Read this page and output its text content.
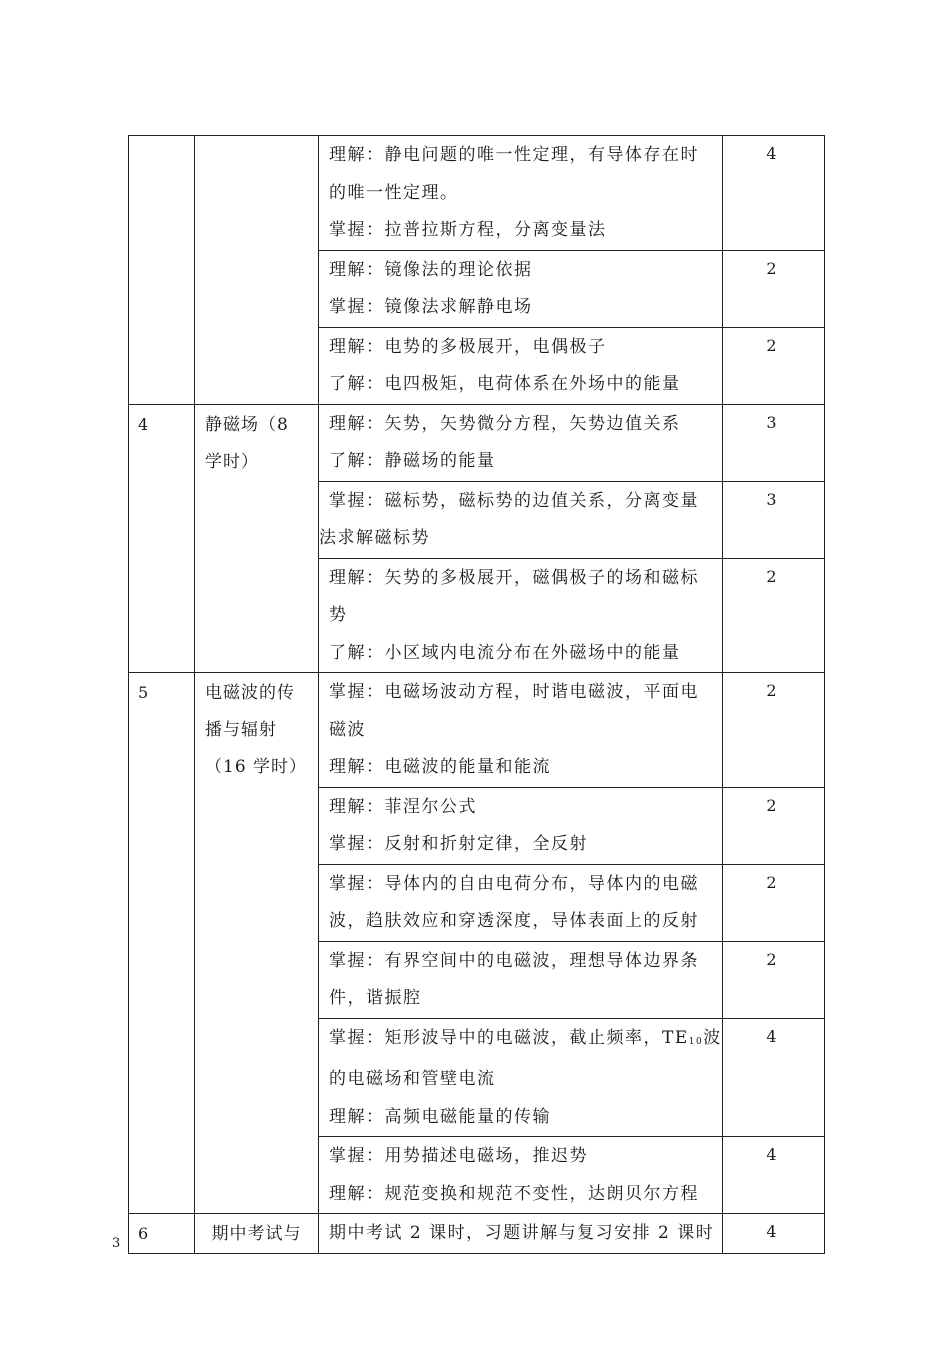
		理解：静电问题的唯一性定理，有导体存在时
的唯一性定理。
掌握：拉普拉斯方程，分离变量法	4

		理解：镜像法的理论依据
掌握：镜像法求解静电场	2

		理解：电势的多极展开，电偶极子
了解：电四极矩，电荷体系在外场中的能量	2
4	静磁场（8 学时）	理解：矢势，矢势微分方程，矢势边值关系
了解：静磁场的能量	3

		掌握：磁标势，磁标势的边值关系，分离变量
法求解磁标势	3

		理解：矢势的多极展开，磁偶极子的场和磁标
势
了解：小区域内电流分布在外磁场中的能量	2
5	电磁波的传播与辐射（16 学时）	掌握：电磁场波动方程，时谐电磁波，平面电
磁波
理解：电磁波的能量和能流	2

		理解：菲涅尔公式
掌握：反射和折射定律，全反射	2

		掌握：导体内的自由电荷分布，导体内的电磁
波，趋肤效应和穿透深度，导体表面上的反射	2

		掌握：有界空间中的电磁波，理想导体边界条
件，谐振腔	2

		掌握：矩形波导中的电磁波，截止频率，$TE_{10}$波
的电磁场和管壁电流
理解：高频电磁能量的传输	4

		掌握：用势描述电磁场，推迟势
理解：规范变换和规范不变性，达朗贝尔方程	4
6	期中考试与	期中考试 2 课时，习题讲解与复习安排 2 课时	4
3
